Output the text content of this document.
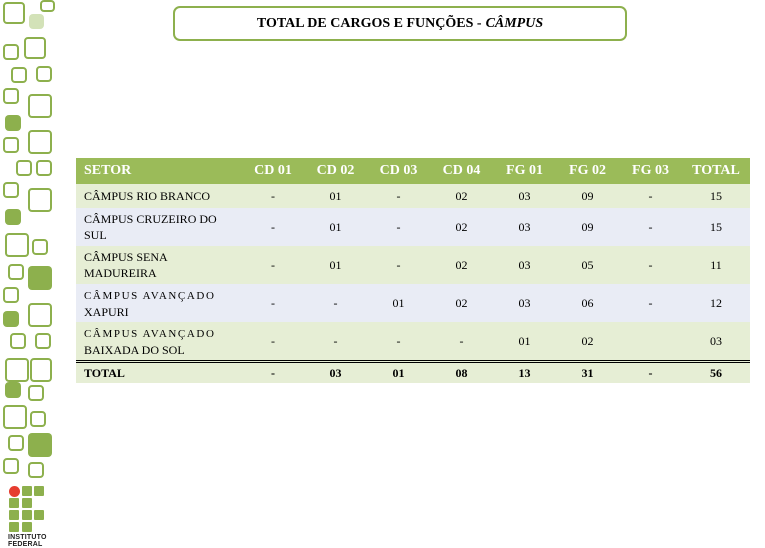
TOTAL DE CARGOS E FUNÇÕES - CÂMPUS
SETOR	CD 01	CD 02	CD 03	CD 04	FG 01	FG 02	FG 03	TOTAL
CÂMPUS RIO BRANCO	-	01	-	02	03	09	-	15
CÂMPUS CRUZEIRO DO
SUL	-	01	-	02	03	09	-	15
CÂMPUS SENA
MADUREIRA	-	01	-	02	03	05	-	11
CÂMPUS AVANÇADO
XAPURI	-	-	01	02	03	06	-	12
CÂMPUS AVANÇADO
BAIXADA DO SOL	-	-	-	-	01	02		03
TOTAL	-	03	01	08	13	31	-	56
INSTITUTO
FEDERAL
